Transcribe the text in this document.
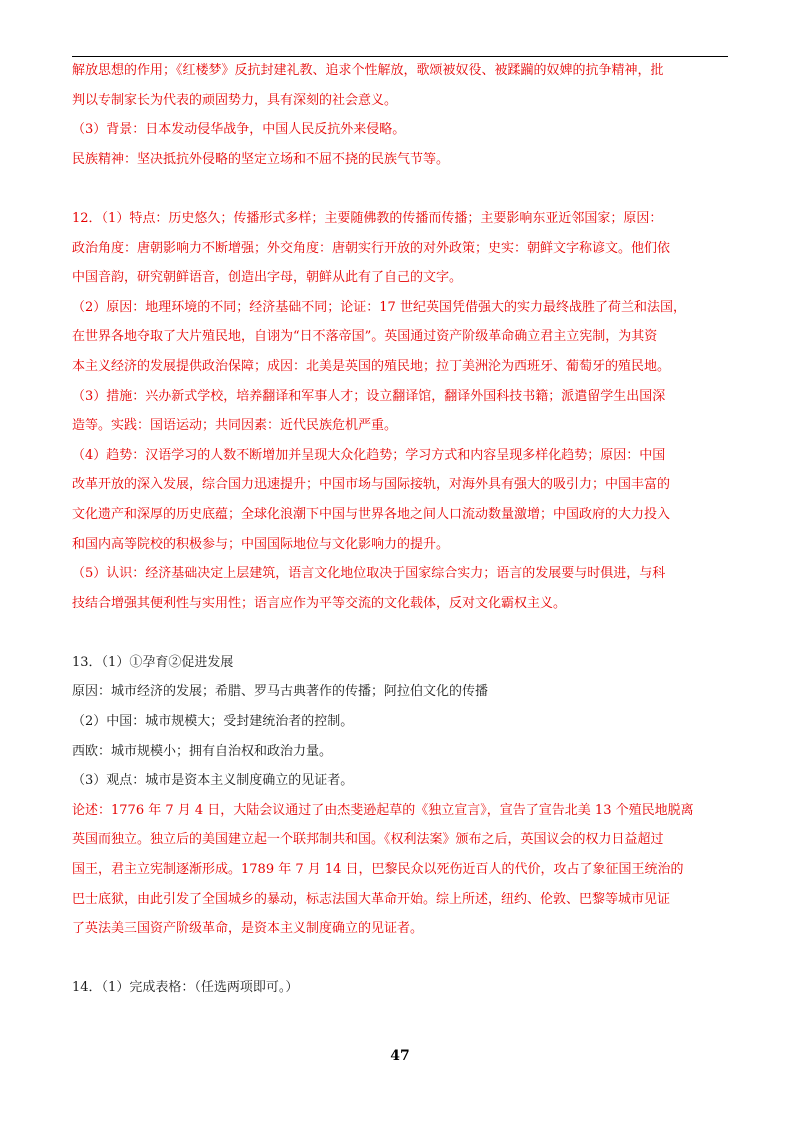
解放思想的作用；《红楼梦》反抗封建礼教、追求个性解放，歌颂被奴役、被蹂躏的奴婢的抗争精神，批
判以专制家长为代表的顽固势力，具有深刻的社会意义。
（3）背景：日本发动侵华战争，中国人民反抗外来侵略。
民族精神：坚决抵抗外侵略的坚定立场和不屈不挠的民族气节等。
12．（1）特点：历史悠久；传播形式多样；主要随佛教的传播而传播；主要影响东亚近邻国家；原因：
政治角度：唐朝影响力不断增强；外交角度：唐朝实行开放的对外政策；史实：朝鲜文字称谚文。他们依
中国音韵，研究朝鲜语音，创造出字母，朝鲜从此有了自己的文字。
（2）原因：地理环境的不同；经济基础不同；论证：17 世纪英国凭借强大的实力最终战胜了荷兰和法国，
在世界各地夺取了大片殖民地，自诩为“日不落帝国”。英国通过资产阶级革命确立君主立宪制，为其资
本主义经济的发展提供政治保障；成因：北美是英国的殖民地；拉丁美洲沦为西班牙、葡萄牙的殖民地。
（3）措施：兴办新式学校，培养翻译和军事人才；设立翻译馆，翻译外国科技书籍；派遣留学生出国深
造等。实践：国语运动；共同因素：近代民族危机严重。
（4）趋势：汉语学习的人数不断增加并呈现大众化趋势；学习方式和内容呈现多样化趋势；原因：中国
改革开放的深入发展，综合国力迅速提升；中国市场与国际接轨，对海外具有强大的吸引力；中国丰富的
文化遗产和深厚的历史底蕴；全球化浪潮下中国与世界各地之间人口流动数量激增；中国政府的大力投入
和国内高等院校的积极参与；中国国际地位与文化影响力的提升。
（5）认识：经济基础决定上层建筑，语言文化地位取决于国家综合实力；语言的发展要与时俱进，与科
技结合增强其便利性与实用性；语言应作为平等交流的文化载体，反对文化霸权主义。
13．（1）①孕育②促进发展
原因：城市经济的发展；希腊、罗马古典著作的传播；阿拉伯文化的传播
（2）中国：城市规模大；受封建统治者的控制。
西欧：城市规模小；拥有自治权和政治力量。
（3）观点：城市是资本主义制度确立的见证者。
论述：1776 年 7 月 4 日，大陆会议通过了由杰斐逊起草的《独立宣言》，宣告了宣告北美 13 个殖民地脱离
英国而独立。独立后的美国建立起一个联邦制共和国。《权利法案》颁布之后，英国议会的权力日益超过
国王，君主立宪制逐渐形成。1789 年 7 月 14 日，巴黎民众以死伤近百人的代价，攻占了象征国王统治的
巴士底狱，由此引发了全国城乡的暴动，标志法国大革命开始。综上所述，纽约、伦敦、巴黎等城市见证
了英法美三国资产阶级革命，是资本主义制度确立的见证者。
14．（1）完成表格：（任选两项即可。）
47
